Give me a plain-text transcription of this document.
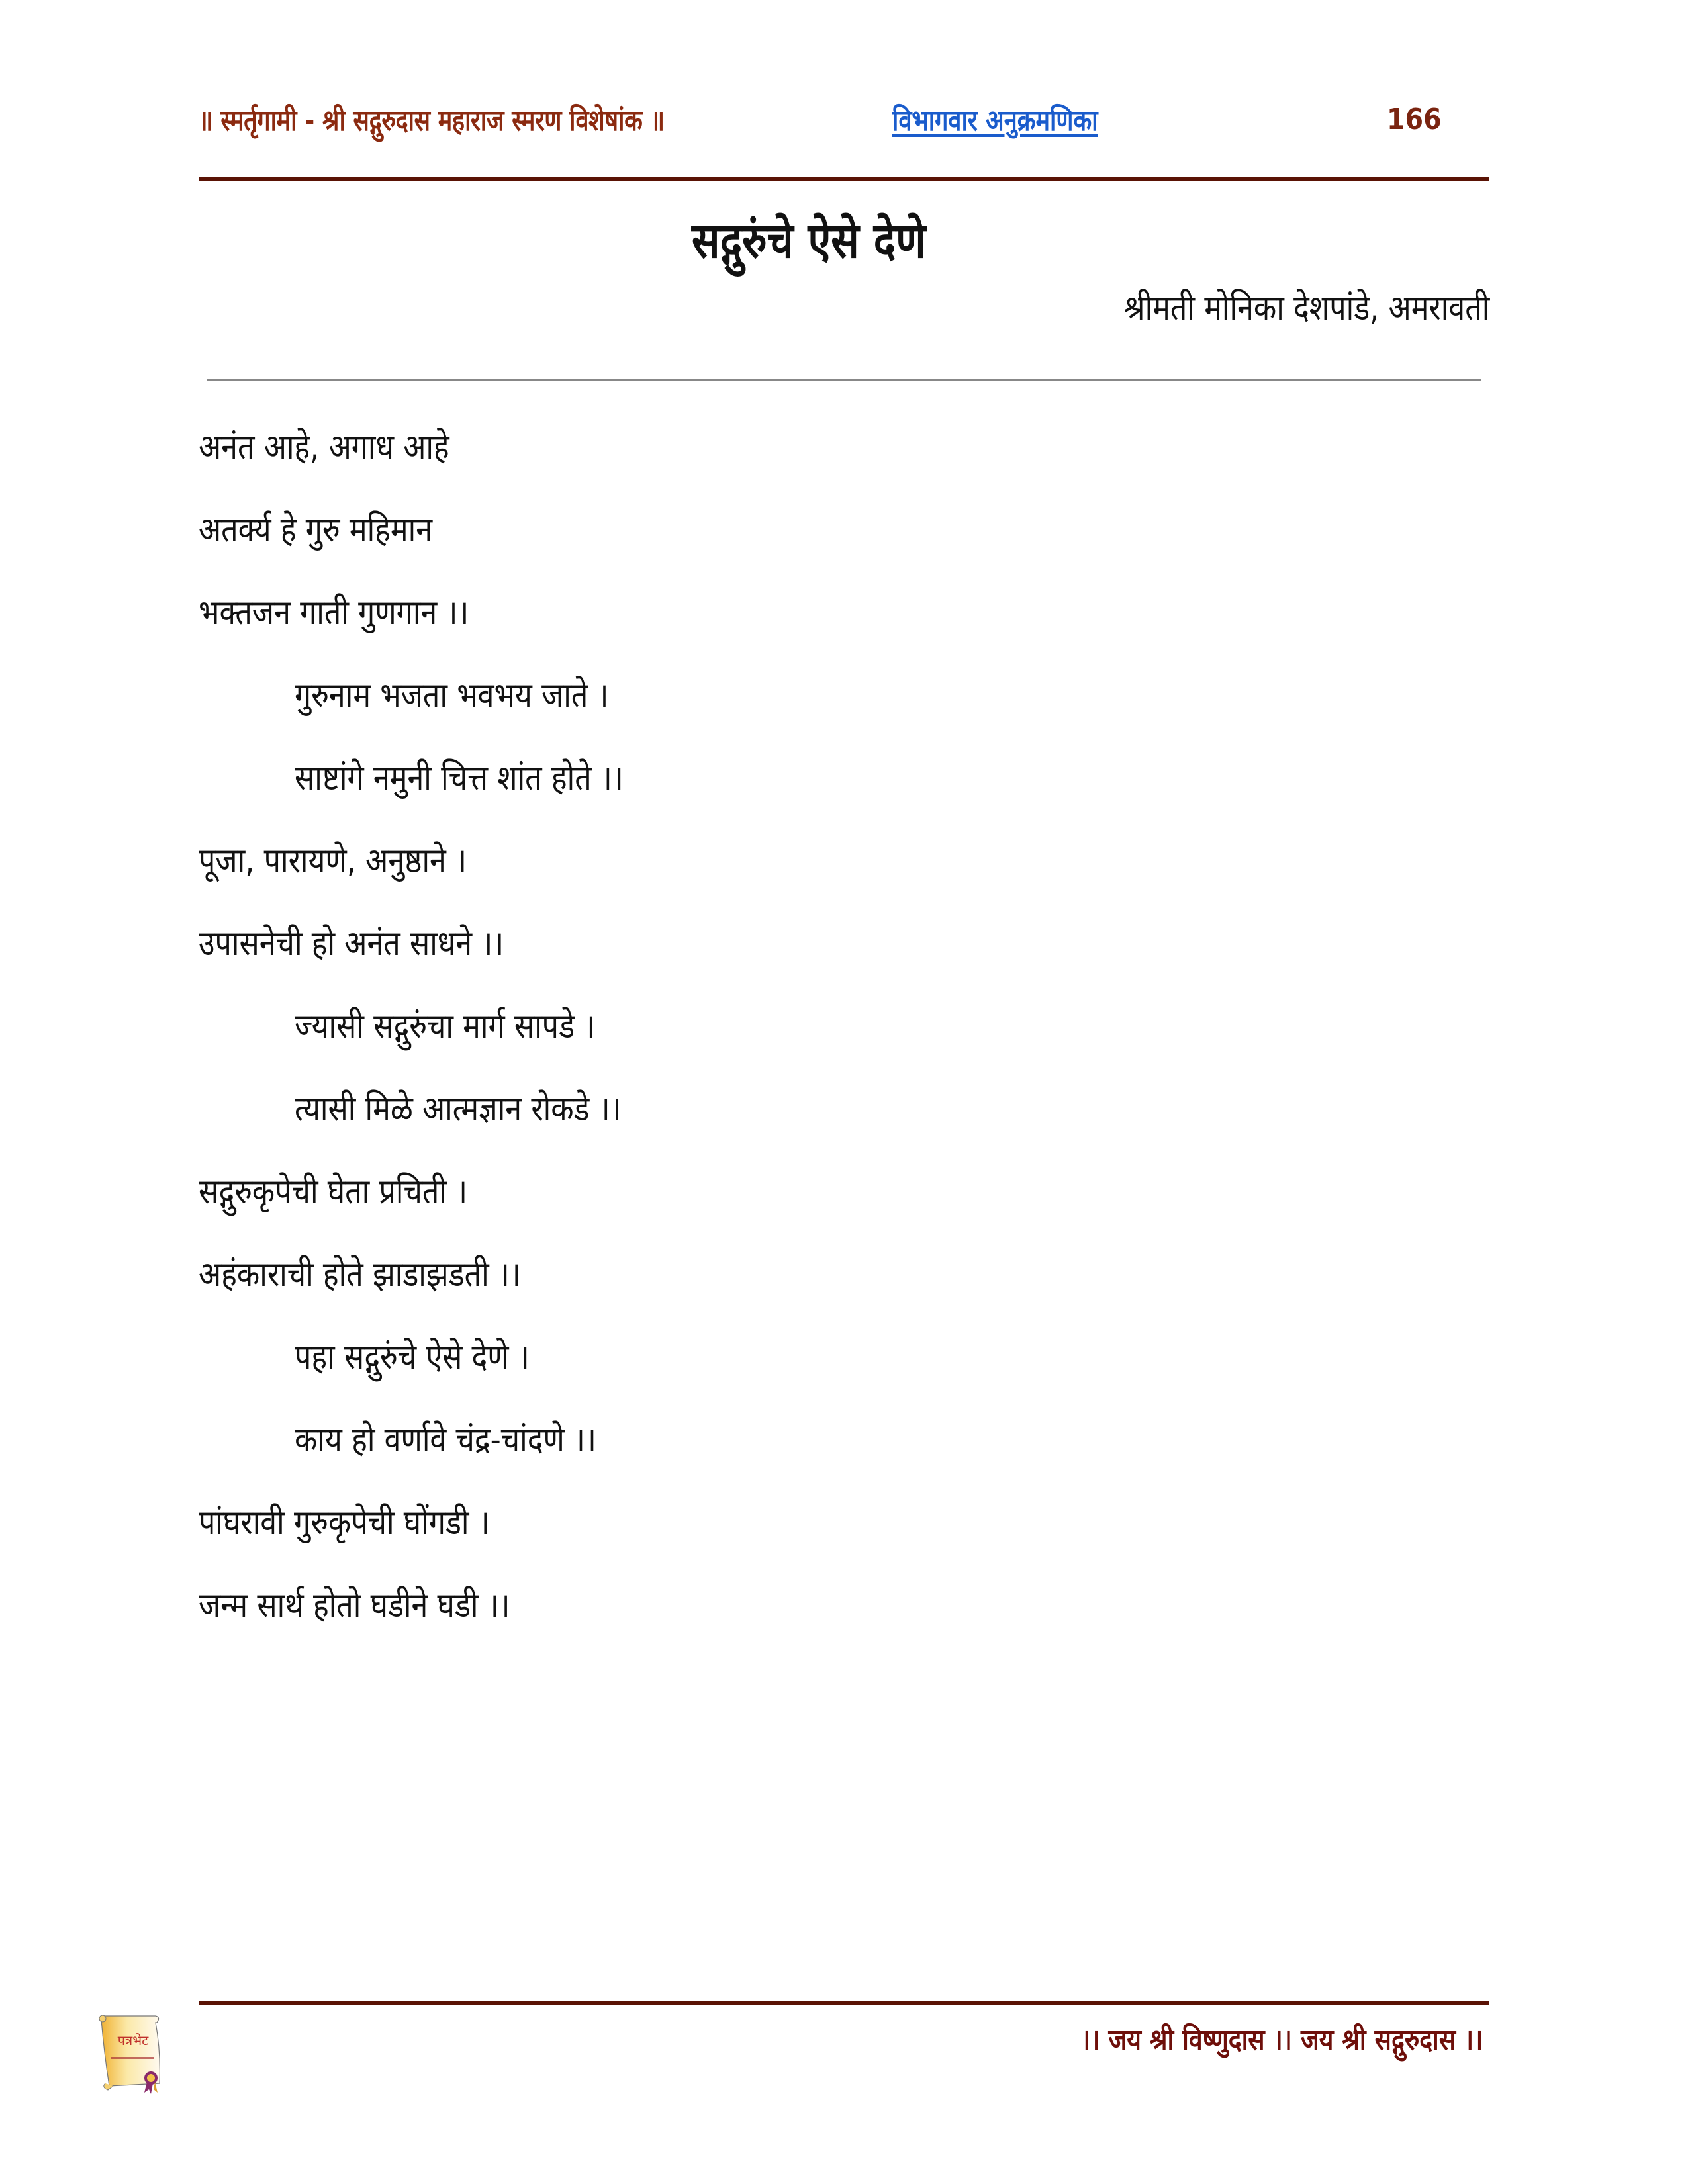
॥ स्मर्तृगामी - श्री सद्गुरुदास महाराज स्मरण विशेषांक ॥	विभागवार अनुक्रमणिका	166
सद्गुरुंचे ऐसे देणे
श्रीमती मोनिका देशपांडे, अमरावती
अनंत आहे, अगाध आहे
अतर्क्य हे गुरु महिमान
भक्तजन गाती गुणगान ।।
गुरुनाम भजता भवभय जाते ।
साष्टांगे नमुनी चित्त शांत होते ।।
पूजा, पारायणे, अनुष्ठाने ।
उपासनेची हो अनंत साधने ।।
ज्यासी सद्गुरुंचा मार्ग सापडे ।
त्यासी मिळे आत्मज्ञान रोकडे ।।
सद्गुरुकृपेची घेता प्रचिती ।
अहंकाराची होते झाडाझडती ।।
पहा सद्गुरुंचे ऐसे देणे ।
काय हो वर्णावे चंद्र-चांदणे ।।
पांघरावी गुरुकृपेची घोंगडी ।
जन्म सार्थ होतो घडीने घडी ।।
।। जय श्री विष्णुदास ।। जय श्री सद्गुरुदास ।।
पत्रभेट
